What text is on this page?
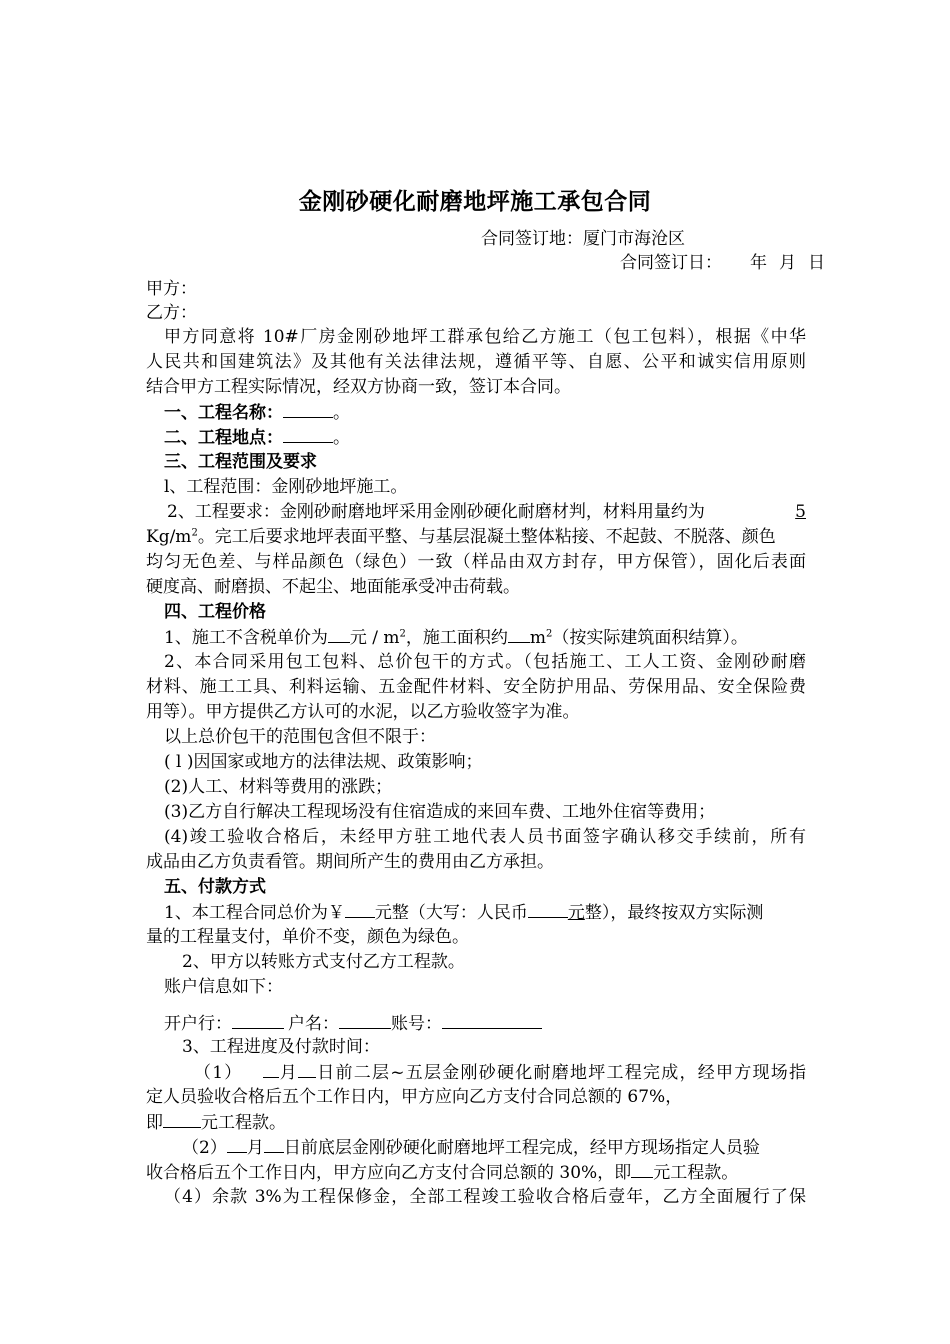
金刚砂硬化耐磨地坪施工承包合同
合同签订地：厦门市海沧区
合同签订日： 年 月 日
甲方：
乙方：
甲方同意将 10#厂房金刚砂地坪工群承包给乙方施工（包工包料），根据《中华
人民共和国建筑法》及其他有关法律法规，遵循平等、自愿、公平和诚实信用原则
结合甲方工程实际情况，经双方协商一致，签订本合同。
一、工程名称：	。
二、工程地点：	。
三、工程范围及要求
l、工程范围：金刚砂地坪施工。
2、工程要求：金刚砂耐磨地坪采用金刚砂硬化耐磨材判，材料用量约为	5
$Kg/m^2$。完工后要求地坪表面平整、与基层混凝土整体粘接、不起鼓、不脱落、颜色
均匀无色差、与样品颜色（绿色）一致（样品由双方封存，甲方保管），固化后表面
硬度高、耐磨损、不起尘、地面能承受冲击荷载。
四、工程价格
1、施工不含税单价为 元 / $m^2$，施工面积约 $m^2$（按实际建筑面积结算）。
2、本合同采用包工包料、总价包干的方式。（包括施工、工人工资、金刚砂耐磨
材料、施工工具、利料运输、五金配件材料、安全防护用品、劳保用品、安全保险费
用等）。甲方提供乙方认可的水泥，以乙方验收签字为准。
以上总价包干的范围包含但不限于：
( l )因国家或地方的法律法规、政策影响；
(2)人工、材料等费用的涨跌；
(3)乙方自行解决工程现场没有住宿造成的来回车费、工地外住宿等费用；
(4)竣工验收合格后，未经甲方驻工地代表人员书面签字确认移交手续前，所有
成品由乙方负责看管。期间所产生的费用由乙方承担。
五、付款方式
1、本工程合同总价为￥ 元整（大写：人民币 元整），最终按双方实际测
量的工程量支付，单价不变，颜色为绿色。
2、甲方以转账方式支付乙方工程款。
账户信息如下：
开户行：	户名：	账号：
3、工程进度及付款时间：
（1） 月 日前二层~五层金刚砂硬化耐磨地坪工程完成，经甲方现场指
定人员验收合格后五个工作日内，甲方应向乙方支付合同总额的 67%，
即 元工程款。
（2） 月 日前底层金刚砂硬化耐磨地坪工程完成，经甲方现场指定人员验
收合格后五个工作日内，甲方应向乙方支付合同总额的 30%，即 元工程款。
（4）余款 3%为工程保修金，全部工程竣工验收合格后壹年，乙方全面履行了保
